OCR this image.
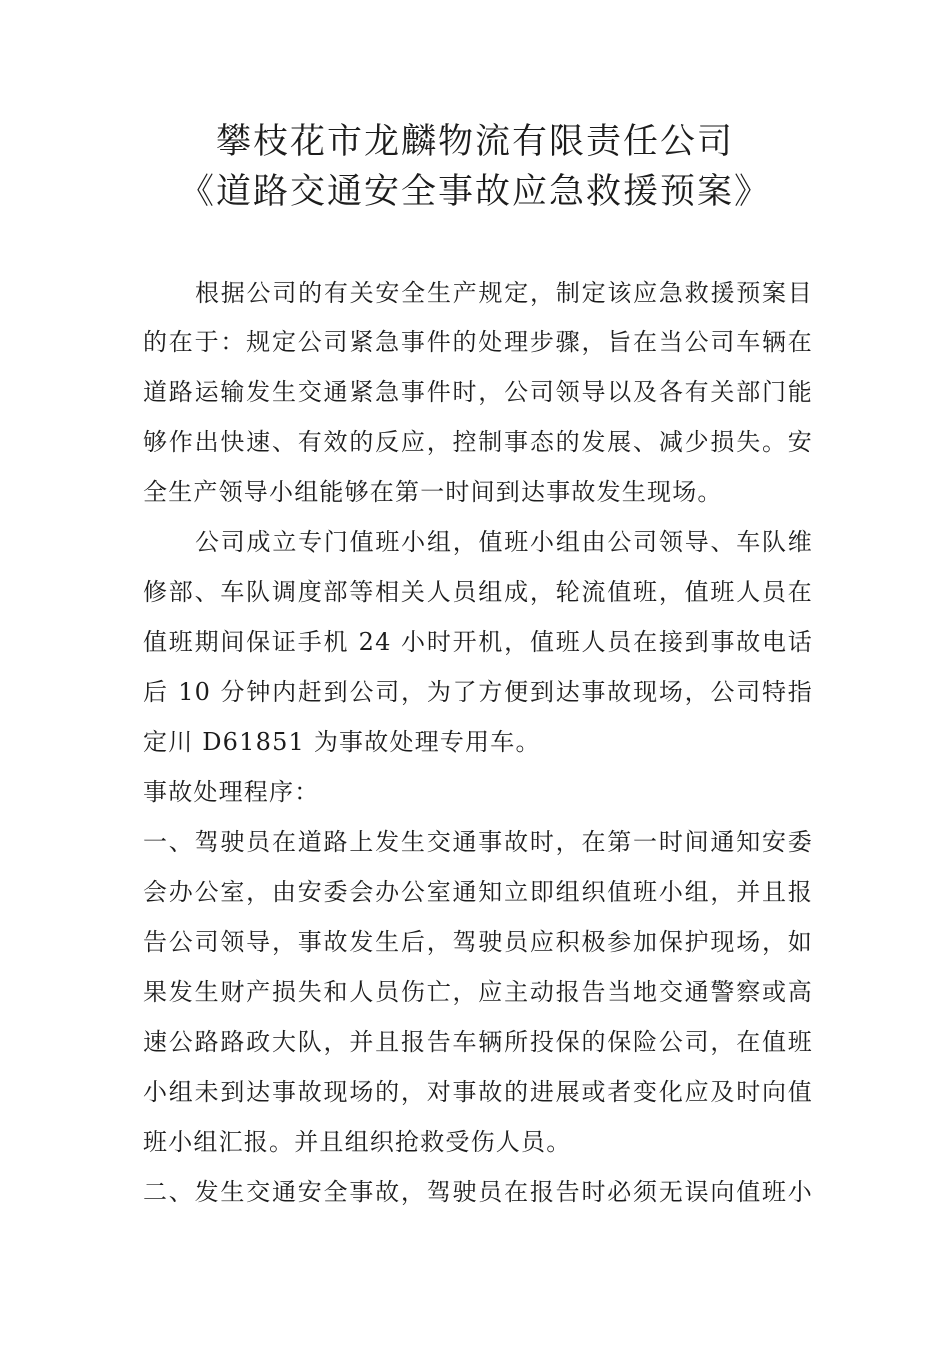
攀枝花市龙麟物流有限责任公司
《道路交通安全事故应急救援预案》
根据公司的有关安全生产规定，制定该应急救援预案目
的在于：规定公司紧急事件的处理步骤，旨在当公司车辆在
道路运输发生交通紧急事件时，公司领导以及各有关部门能
够作出快速、有效的反应，控制事态的发展、减少损失。安
全生产领导小组能够在第一时间到达事故发生现场。
公司成立专门值班小组，值班小组由公司领导、车队维
修部、车队调度部等相关人员组成，轮流值班，值班人员在
值班期间保证手机 24 小时开机，值班人员在接到事故电话
后 10 分钟内赶到公司，为了方便到达事故现场，公司特指
定川 D61851 为事故处理专用车。
事故处理程序：
一、驾驶员在道路上发生交通事故时，在第一时间通知安委
会办公室，由安委会办公室通知立即组织值班小组，并且报
告公司领导，事故发生后，驾驶员应积极参加保护现场，如
果发生财产损失和人员伤亡，应主动报告当地交通警察或高
速公路路政大队，并且报告车辆所投保的保险公司，在值班
小组未到达事故现场的，对事故的进展或者变化应及时向值
班小组汇报。并且组织抢救受伤人员。
二、发生交通安全事故，驾驶员在报告时必须无误向值班小
